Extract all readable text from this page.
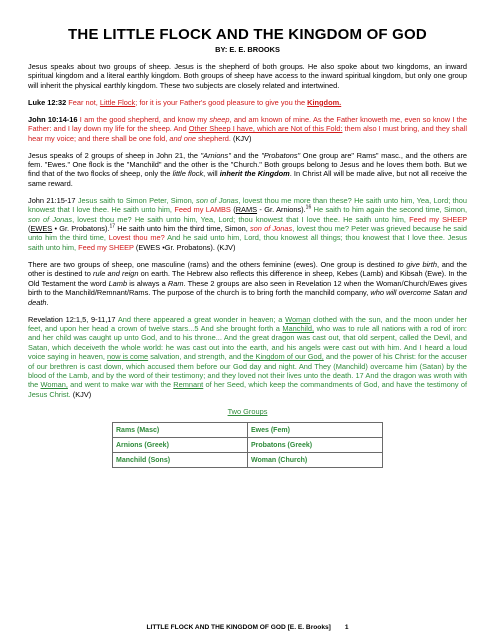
THE LITTLE FLOCK AND THE KINGDOM OF GOD
BY: E. E. BROOKS

Jesus speaks about two groups of sheep. Jesus is the shepherd of both groups. He also spoke about two kingdoms, an inward spiritual kingdom and a literal earthly kingdom. Both groups of sheep have access to the inward spiritual kingdom, but only one group will inherit the physical earthly kingdom. These two subjects are closely related and intertwined.

Luke 12:32 Fear not, Little Flock; for it is your Father's good pleasure to give you the Kingdom.

John 10:14-16 I am the good shepherd, and know my sheep, and am known of mine. As the Father knoweth me, even so know I the Father: and I lay down my life for the sheep. And Other Sheep I have, which are Not of this Fold: them also I must bring, and they shall hear my voice; and there shall be one fold, and one shepherd. (KJV)

Jesus speaks of 2 groups of sheep in John 21, the "Arnions" and the "Probatons" One group are" Rams" masc., and the others are fem. "Ewes." One flock is the "Manchild" and the other is the "Church." Both groups belong to Jesus and he loves them both. But we find that of the two flocks of sheep, only the little flock, will inherit the Kingdom. In Christ All will be made alive, but not all receive the same reward.

John 21:15-17 Jesus saith to Simon Peter, Simon, son of Jonas, lovest thou me more than these? He saith unto him, Yea, Lord; thou knowest that I love thee. He saith unto him, Feed my LAMBS (RAMS - Gr. Arnions).$^{16}$ He saith to him again the second time, Simon, son of Jonas, lovest thou me? He saith unto him, Yea, Lord; thou knowest that I love thee. He saith unto him, Feed my SHEEP (EWES • Gr. Probatons).$^{17}$ He saith unto him the third time, Simon, son of Jonas, lovest thou me? Peter was grieved because he said unto him the third time, Lovest thou me? And he said unto him, Lord, thou knowest all things; thou knowest that I love thee. Jesus saith unto him, Feed my SHEEP (EWES •Gr. Probatons). (KJV)

There are two groups of sheep, one masculine (rams) and the others feminine (ewes). One group is destined to give birth, and the other is destined to rule and reign on earth. The Hebrew also reflects this difference in sheep, Kebes (Lamb) and Kibsah (Ewe). In the Old Testament the word Lamb is always a Ram. These 2 groups are also seen in Revelation 12 when the Woman/Church/Ewes gives birth to the Manchild/Remnant/Rams. The purpose of the church is to bring forth the manchild company, who will overcome Satan and death.

Revelation 12:1,5, 9-11,17 And there appeared a great wonder in heaven; a Woman clothed with the sun, and the moon under her feet, and upon her head a crown of twelve stars...5 And she brought forth a Manchild, who was to rule all nations with a rod of iron: and her child was caught up unto God, and to his throne... And the great dragon was cast out, that old serpent, called the Devil, and Satan, which deceiveth the whole world: he was cast out into the earth, and his angels were cast out with him. And I heard a loud voice saying in heaven, now is come salvation, and strength, and the Kingdom of our God, and the power of his Christ: for the accuser of our brethren is cast down, which accused them before our God day and night. And They (Manchild) overcame him (Satan) by the blood of the Lamb, and by the word of their testimony; and they loved not their lives unto the death. 17 And the dragon was wroth with the Woman, and went to make war with the Remnant of her Seed, which keep the commandments of God, and have the testimony of Jesus Christ. (KJV)

Two Groups
Rams (Masc)	Ewes (Fem)
Arnions (Greek)	Probatons (Greek)
Manchild (Sons)	Woman (Church)
LITTLE FLOCK AND THE KINGDOM OF GOD [E. E. Brooks] 1
